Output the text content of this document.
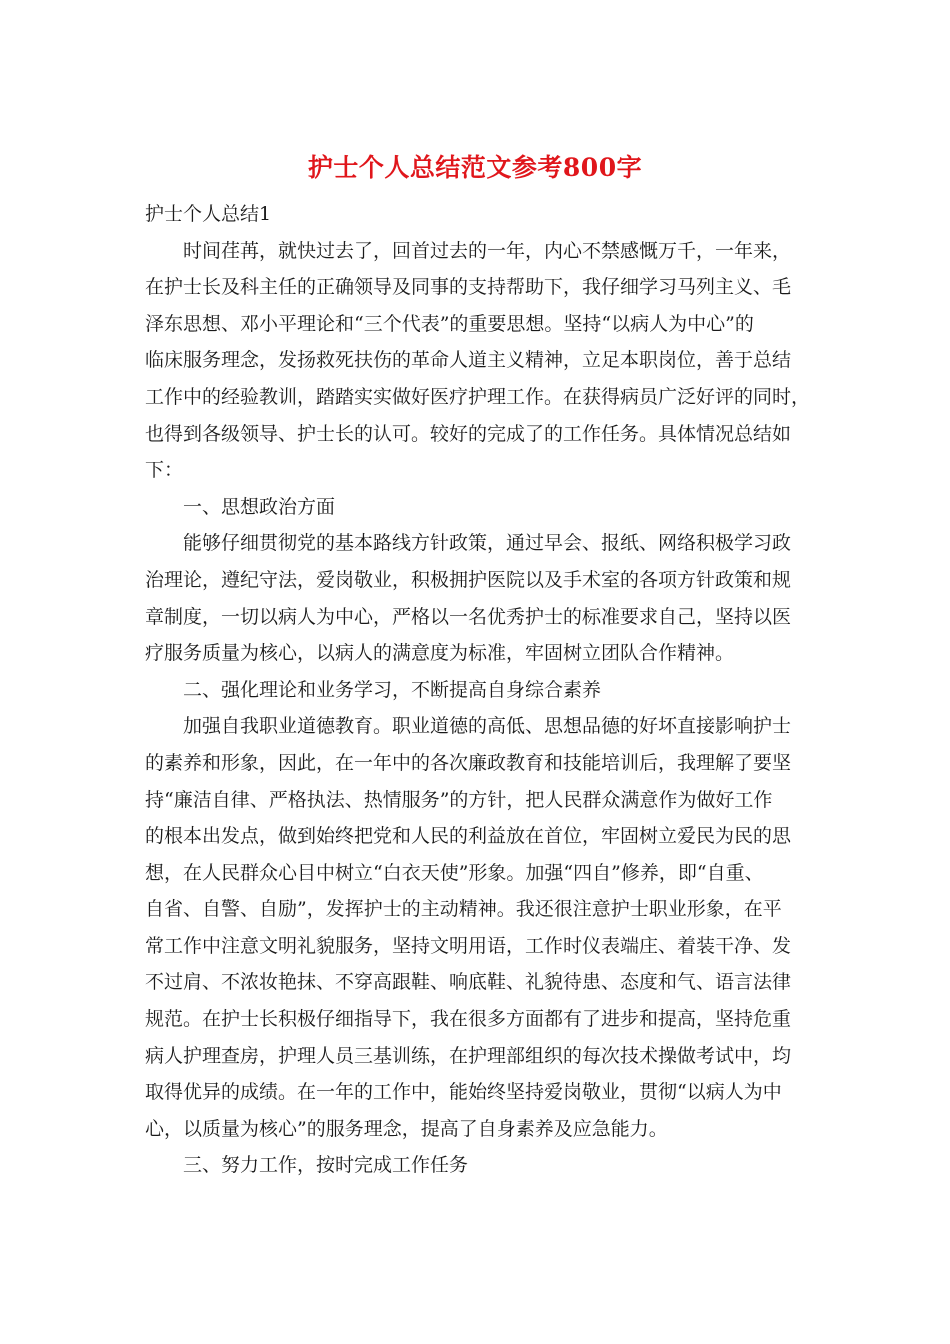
护士个人总结范文参考800字
护士个人总结1
时间荏苒，就快过去了，回首过去的一年，内心不禁感慨万千，一年来，
在护士长及科主任的正确领导及同事的支持帮助下，我仔细学习马列主义、毛
泽东思想、邓小平理论和“三个代表”的重要思想。坚持“以病人为中心”的
临床服务理念，发扬救死扶伤的革命人道主义精神，立足本职岗位，善于总结
工作中的经验教训，踏踏实实做好医疗护理工作。在获得病员广泛好评的同时，
也得到各级领导、护士长的认可。较好的完成了的工作任务。具体情况总结如
下：
一、思想政治方面
能够仔细贯彻党的基本路线方针政策，通过早会、报纸、网络积极学习政
治理论，遵纪守法，爱岗敬业，积极拥护医院以及手术室的各项方针政策和规
章制度，一切以病人为中心，严格以一名优秀护士的标准要求自己，坚持以医
疗服务质量为核心，以病人的满意度为标准，牢固树立团队合作精神。
二、强化理论和业务学习，不断提高自身综合素养
加强自我职业道德教育。职业道德的高低、思想品德的好坏直接影响护士
的素养和形象，因此，在一年中的各次廉政教育和技能培训后，我理解了要坚
持“廉洁自律、严格执法、热情服务”的方针，把人民群众满意作为做好工作
的根本出发点，做到始终把党和人民的利益放在首位，牢固树立爱民为民的思
想，在人民群众心目中树立“白衣天使”形象。加强“四自”修养，即“自重、
自省、自警、自励”，发挥护士的主动精神。我还很注意护士职业形象，在平
常工作中注意文明礼貌服务，坚持文明用语，工作时仪表端庄、着装干净、发
不过肩、不浓妆艳抹、不穿高跟鞋、响底鞋、礼貌待患、态度和气、语言法律
规范。在护士长积极仔细指导下，我在很多方面都有了进步和提高，坚持危重
病人护理查房，护理人员三基训练，在护理部组织的每次技术操做考试中，均
取得优异的成绩。在一年的工作中，能始终坚持爱岗敬业，贯彻“以病人为中
心，以质量为核心”的服务理念，提高了自身素养及应急能力。
三、努力工作，按时完成工作任务
